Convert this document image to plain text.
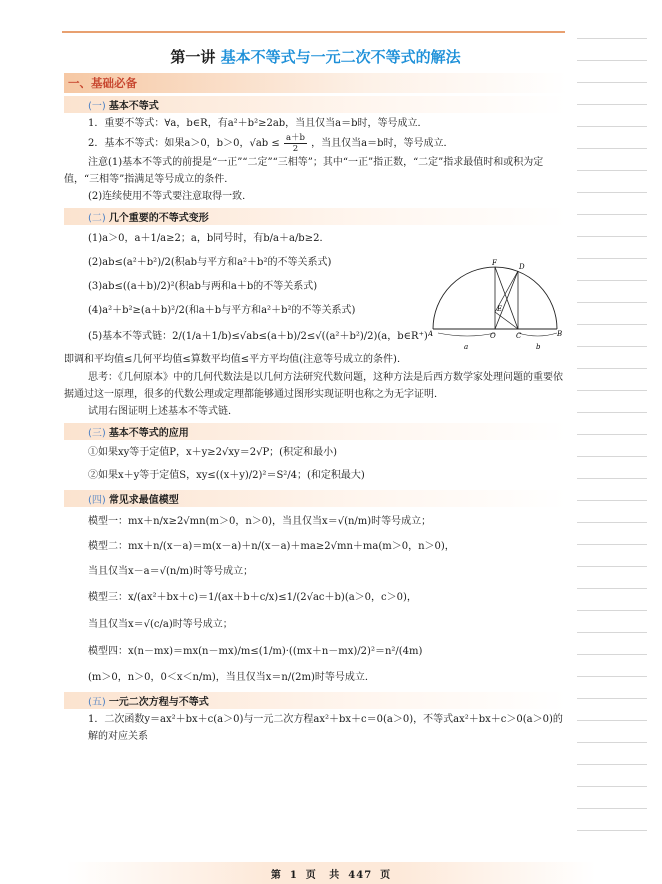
第一讲 基本不等式与一元二次不等式的解法
一、基础必备
(一) 基本不等式
1．重要不等式：∀a，b∈R，有a²＋b²≥2ab，当且仅当a＝b时，等号成立．
2．基本不等式：如果a＞0，b＞0，$√ab \le \frac{a+b}{2}$ ，当且仅当a＝b时，等号成立．
注意(1)基本不等式的前提是“一正”“二定”“三相等”；其中“一正”指正数，“二定”指求最值时和或积为定值，“三相等”指满足等号成立的条件．
(2)连续使用不等式要注意取得一致．
(二) 几个重要的不等式变形
(1)a＞0，a＋1/a≥2；a，b同号时，有b/a＋a/b≥2．
(2)ab≤(a²＋b²)/2(积ab与平方和a²＋b²的不等关系式)
(3)ab≤((a＋b)/2)²(积ab与两和a＋b的不等关系式)
(4)a²＋b²≥(a＋b)²/2(和a＋b与平方和a²＋b²的不等关系式)
(5)基本不等式链：2/(1/a＋1/b)≤√ab≤(a＋b)/2≤√((a²＋b²)/2)(a，b∈R⁺)
即调和平均值≤几何平均值≤算数平均值≤平方平均值(注意等号成立的条件)．
思考：《几何原本》中的几何代数法是以几何方法研究代数问题，这种方法是后西方数学家处理问题的重要依据通过这一原理，很多的代数公理或定理都能够通过图形实现证明也称之为无字证明．
试用右图证明上述基本不等式链．
(三) 基本不等式的应用
①如果xy等于定值P，x＋y≥2√xy＝2√P；(积定和最小)
②如果x＋y等于定值S，xy≤((x＋y)/2)²＝S²/4；(和定积最大)
(四) 常见求最值模型
模型一：mx＋n/x≥2√mn(m＞0，n＞0)，当且仅当x＝√(n/m)时等号成立；
模型二：mx＋n/(x－a)＝m(x－a)＋n/(x－a)＋ma≥2√mn＋ma(m＞0，n＞0)，
当且仅当x－a＝√(n/m)时等号成立；
模型三：x/(ax²＋bx＋c)＝1/(ax＋b＋c/x)≤1/(2√ac＋b)(a＞0，c＞0)，
当且仅当x＝√(c/a)时等号成立；
模型四：x(n－mx)＝mx(n－mx)/m≤(1/m)·((mx＋n－mx)/2)²＝n²/(4m)
(m＞0，n＞0，0＜x＜n/m)，当且仅当x＝n/(2m)时等号成立．
(五) 一元二次方程与不等式
1．二次函数y＝ax²＋bx＋c(a＞0)与一元二次方程ax²＋bx＋c＝0(a＞0)，不等式ax²＋bx＋c＞0(a＞0)的解的对应关系
F	D
E
A	O	C	B
a	b
第 1 页 共 447 页
